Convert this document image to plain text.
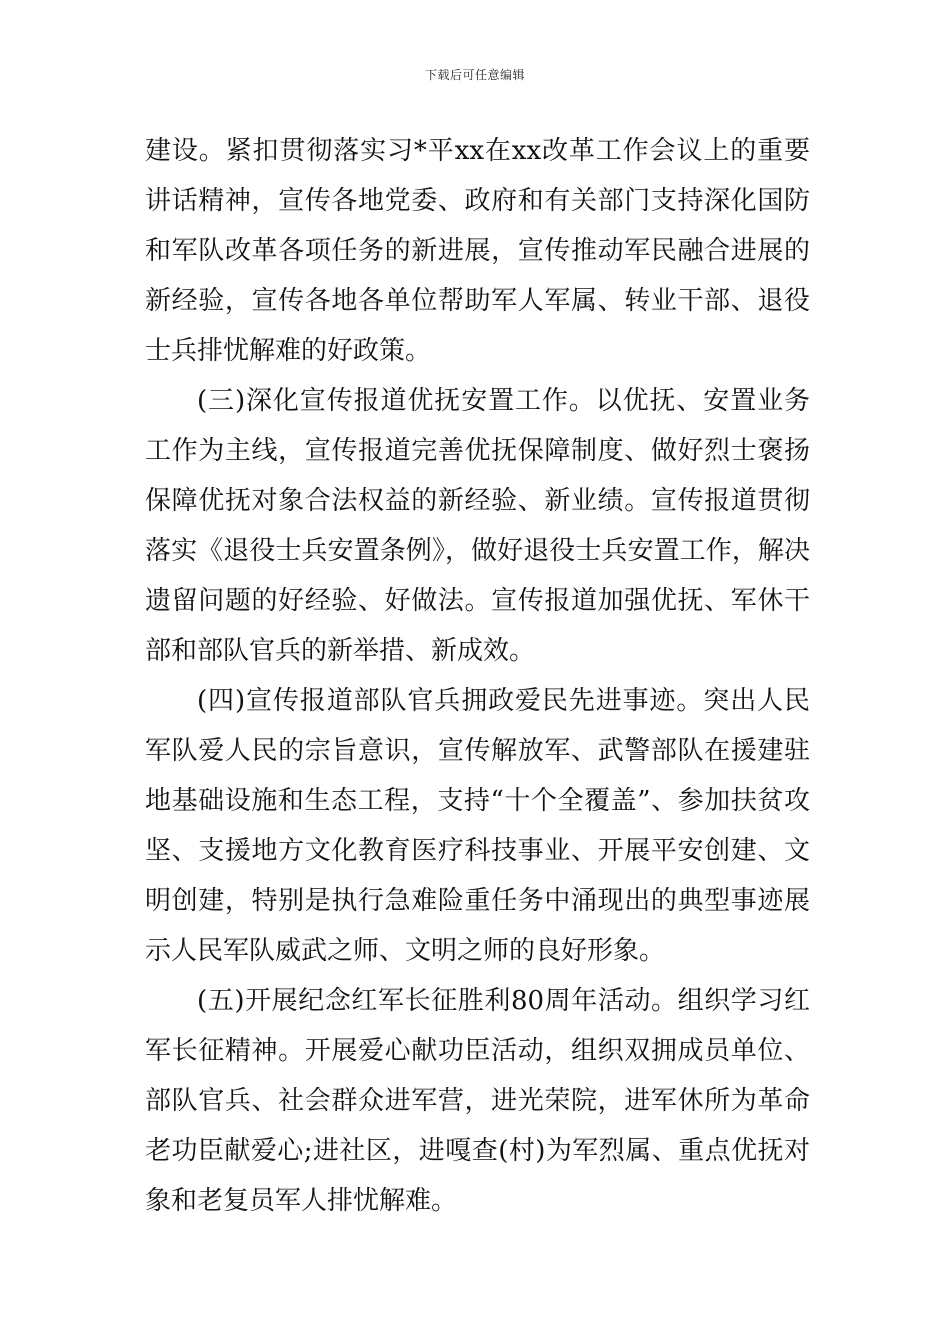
下载后可任意编辑

建设。紧扣贯彻落实习*平xx在xx改革工作会议上的重要讲话精神，宣传各地党委、政府和有关部门支持深化国防和军队改革各项任务的新进展，宣传推动军民融合进展的新经验，宣传各地各单位帮助军人军属、转业干部、退役士兵排忧解难的好政策。

(三)深化宣传报道优抚安置工作。以优抚、安置业务工作为主线，宣传报道完善优抚保障制度、做好烈士褒扬保障优抚对象合法权益的新经验、新业绩。宣传报道贯彻落实《退役士兵安置条例》，做好退役士兵安置工作，解决遗留问题的好经验、好做法。宣传报道加强优抚、军休干部和部队官兵的新举措、新成效。

(四)宣传报道部队官兵拥政爱民先进事迹。突出人民军队爱人民的宗旨意识，宣传解放军、武警部队在援建驻地基础设施和生态工程，支持“十个全覆盖”、参加扶贫攻坚、支援地方文化教育医疗科技事业、开展平安创建、文明创建，特别是执行急难险重任务中涌现出的典型事迹展示人民军队威武之师、文明之师的良好形象。

(五)开展纪念红军长征胜利80周年活动。组织学习红军长征精神。开展爱心献功臣活动，组织双拥成员单位、部队官兵、社会群众进军营，进光荣院，进军休所为革命老功臣献爱心;进社区，进嘎查(村)为军烈属、重点优抚对象和老复员军人排忧解难。
